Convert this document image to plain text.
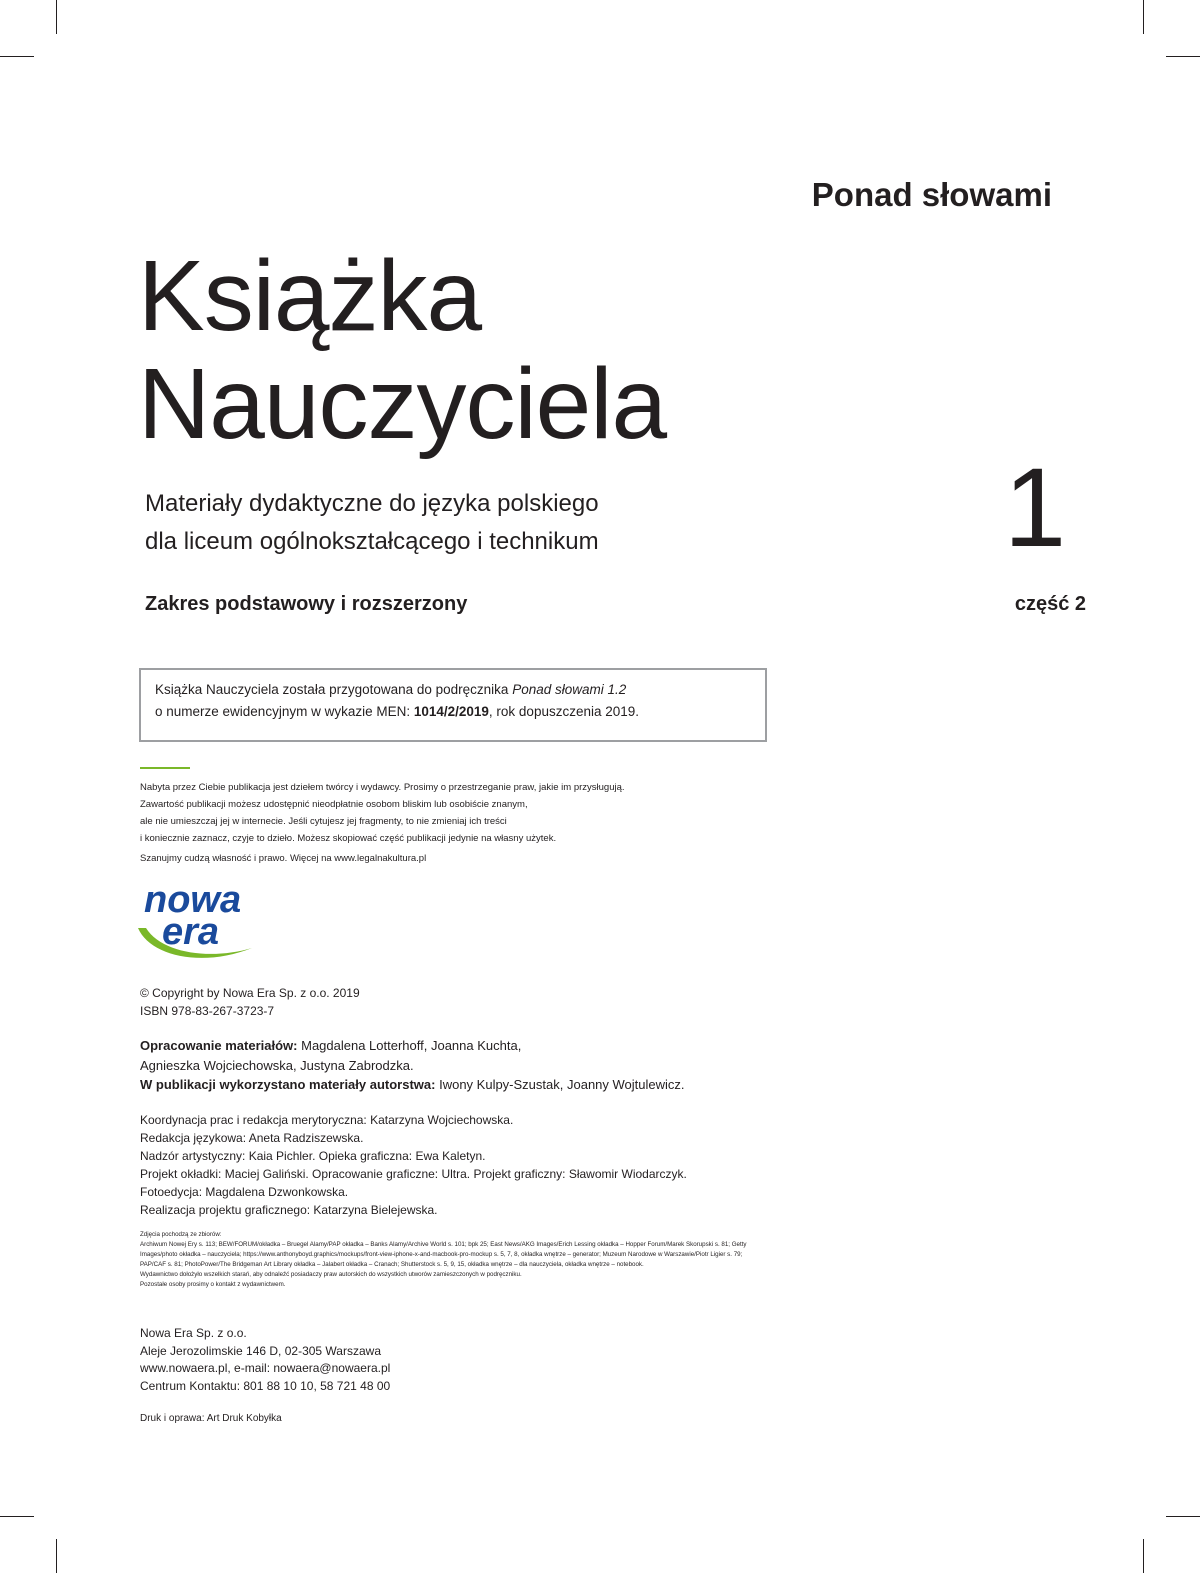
Ponad słowami
Książka
Nauczyciela
Materiały dydaktyczne do języka polskiego
dla liceum ogólnokształcącego i technikum	1
Zakres podstawowy i rozszerzony	część 2
Książka Nauczyciela została przygotowana do podręcznika Ponad słowami 1.2
o numerze ewidencyjnym w wykazie MEN: 1014/2/2019, rok dopuszczenia 2019.
Nabyta przez Ciebie publikacja jest dziełem twórcy i wydawcy. Prosimy o przestrzeganie praw, jakie im przysługują.
Zawartość publikacji możesz udostępnić nieodpłatnie osobom bliskim lub osobiście znanym,
ale nie umieszczaj jej w internecie. Jeśli cytujesz jej fragmenty, to nie zmieniaj ich treści
i koniecznie zaznacz, czyje to dzieło. Możesz skopiować część publikacji jedynie na własny użytek.
Szanujmy cudzą własność i prawo. Więcej na www.legalnakultura.pl
nowa
era
© Copyright by Nowa Era Sp. z o.o. 2019
ISBN 978-83-267-3723-7
Opracowanie materiałów: Magdalena Lotterhoff, Joanna Kuchta,
Agnieszka Wojciechowska, Justyna Zabrodzka.
W publikacji wykorzystano materiały autorstwa: Iwony Kulpy-Szustak, Joanny Wojtulewicz.
Koordynacja prac i redakcja merytoryczna: Katarzyna Wojciechowska.
Redakcja językowa: Aneta Radziszewska.
Nadzór artystyczny: Kaia Pichler. Opieka graficzna: Ewa Kaletyn.
Projekt okładki: Maciej Galiński. Opracowanie graficzne: Ultra. Projekt graficzny: Sławomir Wiodarczyk.
Fotoedycja: Magdalena Dzwonkowska.
Realizacja projektu graficznego: Katarzyna Bielejewska.

Zdjęcia pochodzą ze zbiorów:

Archiwum Nowej Ery s. 113; BEW/FORUM/okładka – Bruegel Alamy/PAP okładka – Banks Alamy/Archive World s. 101; bpk 25; East News/AKG Images/Erich Lessing okładka – Hopper Forum/Marek Skorupski s. 81; Getty Images/photo okładka – nauczyciela; https://www.anthonyboyd.graphics/mockups/front-view-iphone-x-and-macbook-pro-mockup s. 5, 7, 8, okładka wnętrze – generator; Muzeum Narodowe w Warszawie/Piotr Ligier s. 79; PAP/CAF s. 81; PhotoPower/The Bridgeman Art Library okładka – Jalabert okładka – Cranach; Shutterstock s. 5, 9, 15, okładka wnętrze – dla nauczyciela, okładka wnętrze – notebook.

Wydawnictwo dołożyło wszelkich starań, aby odnaleźć posiadaczy praw autorskich do wszystkich utworów zamieszczonych w podręczniku.

Pozostałe osoby prosimy o kontakt z wydawnictwem.

Nowa Era Sp. z o.o.
Aleje Jerozolimskie 146 D, 02-305 Warszawa
www.nowaera.pl, e-mail: nowaera@nowaera.pl
Centrum Kontaktu: 801 88 10 10, 58 721 48 00
Druk i oprawa: Art Druk Kobyłka
